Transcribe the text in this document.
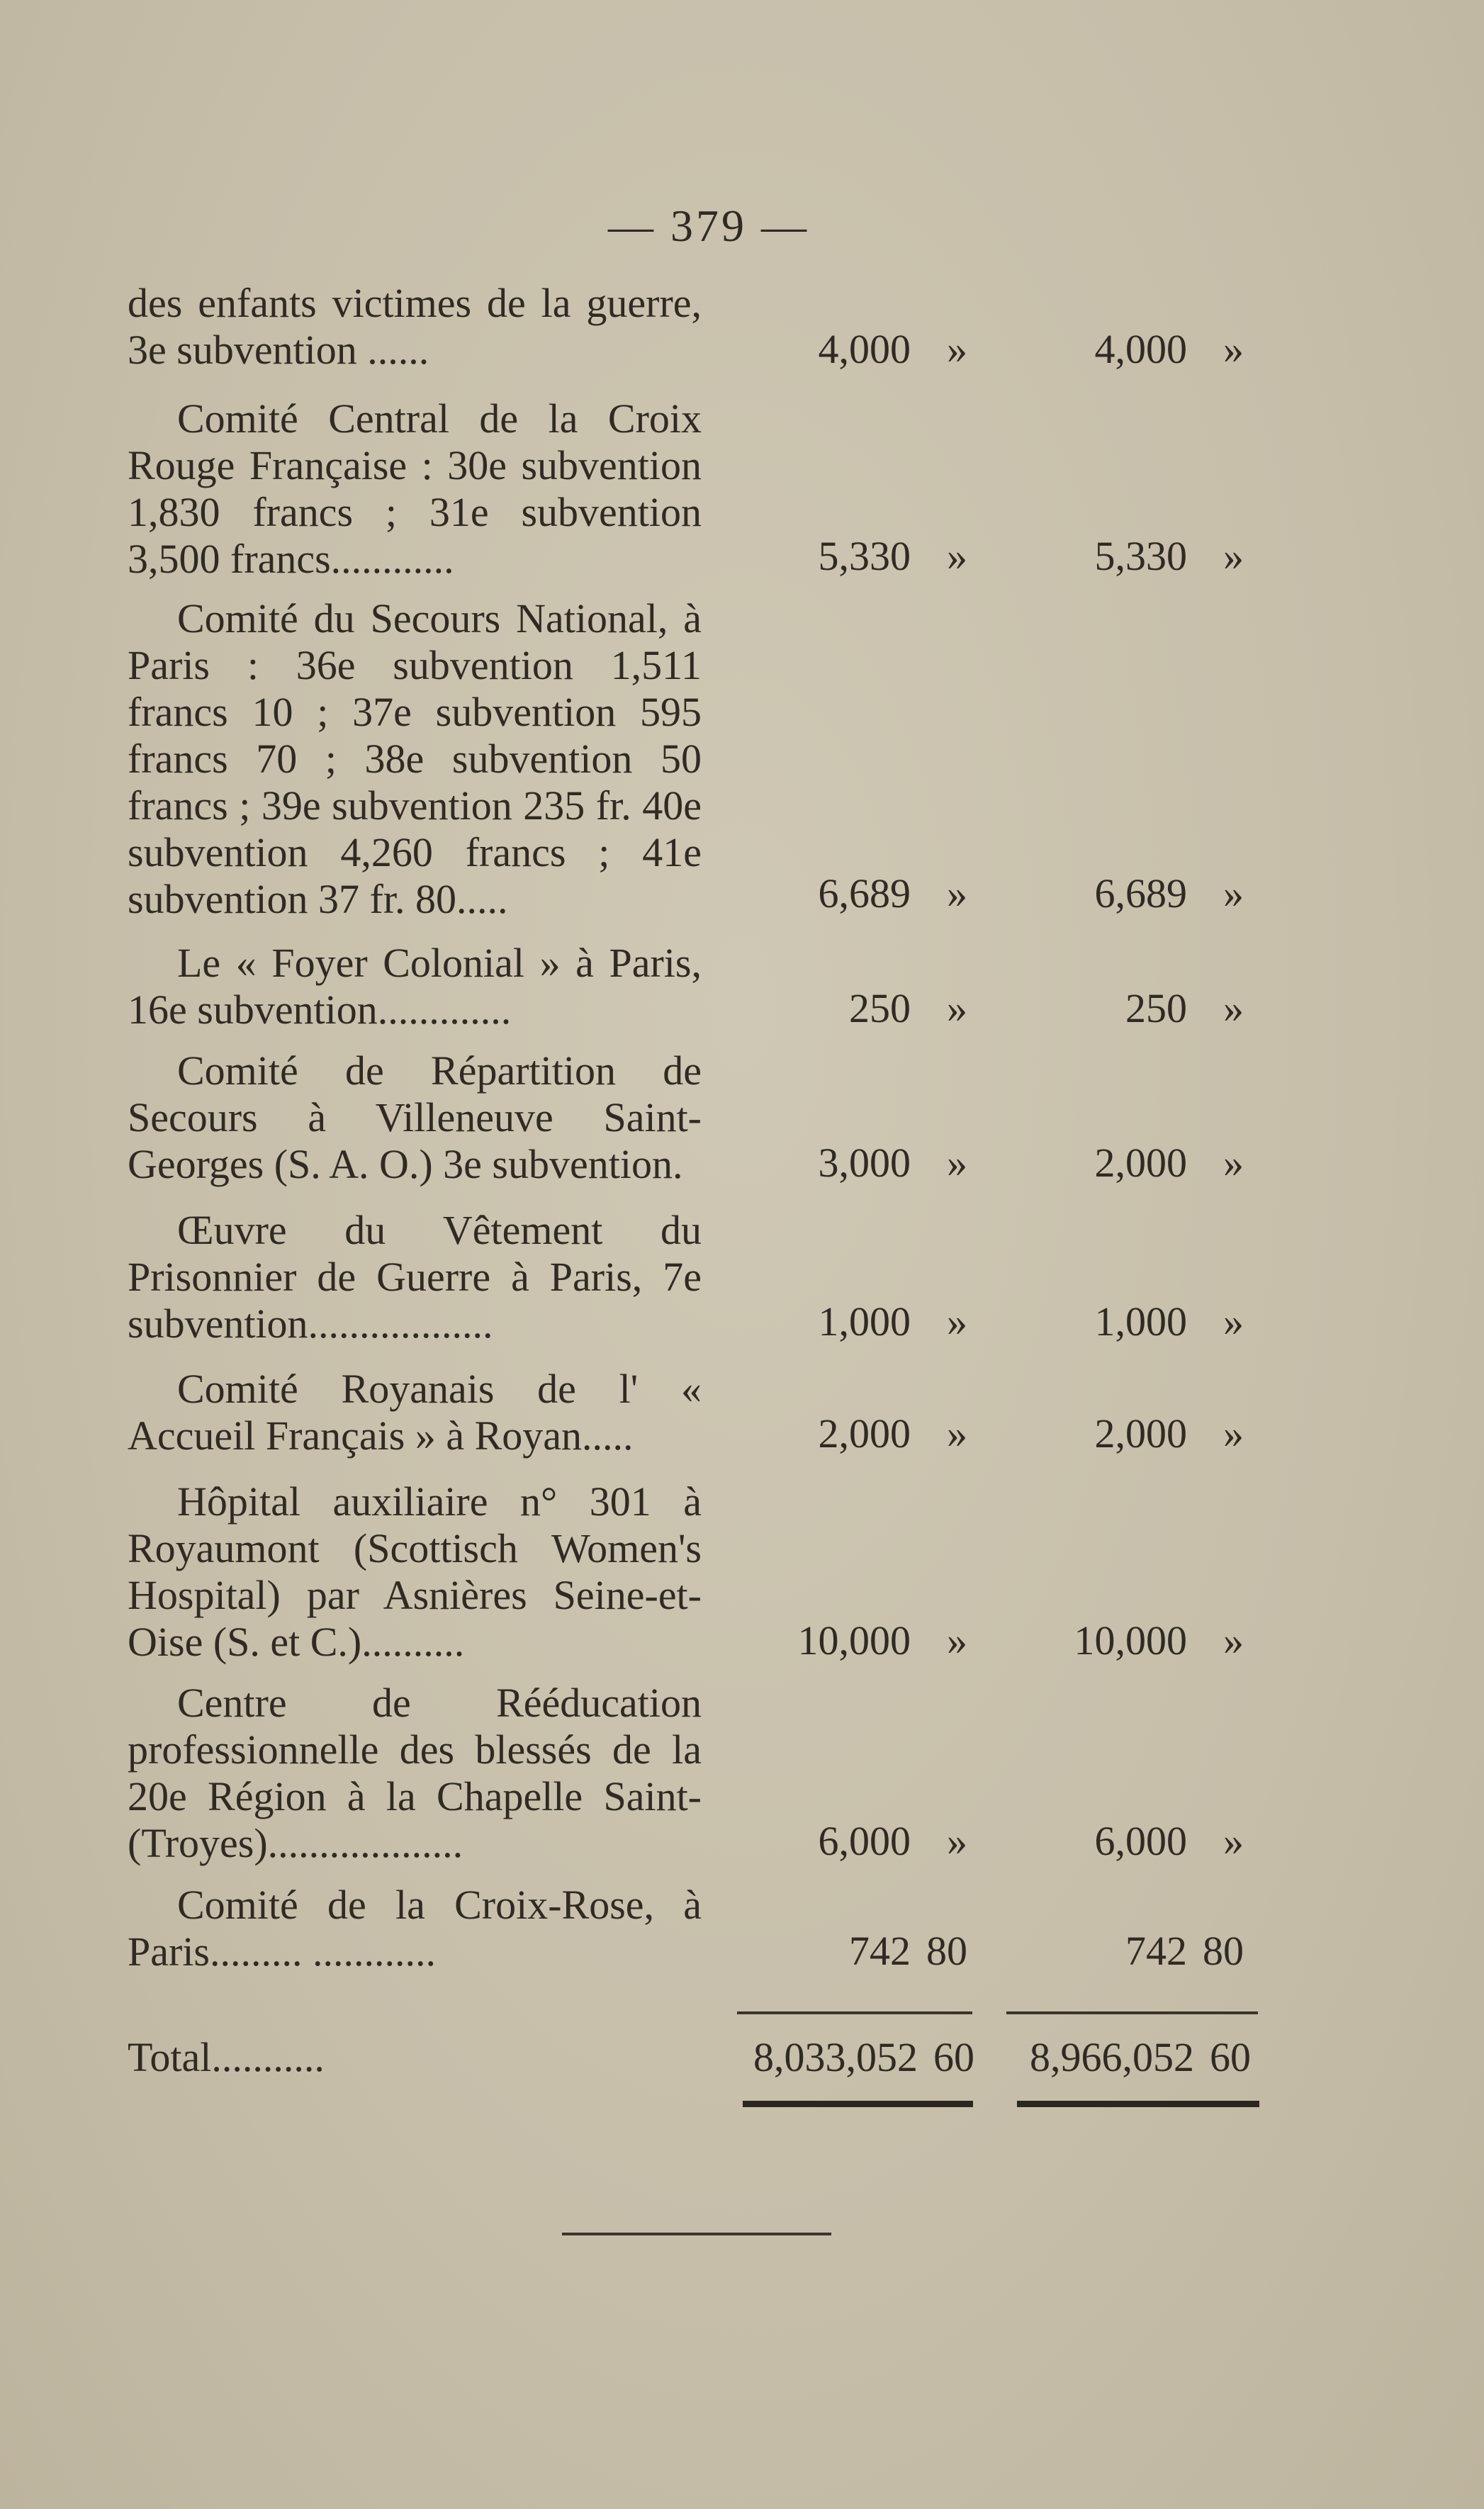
— 379 —
des enfants victimes de la guerre, 3e subvention ......	4,000 »	4,000 »
Comité Central de la Croix Rouge Française : 30e subvention 1,830 francs ; 31e subvention 3,500 francs............	5,330 »	5,330 »
Comité du Secours National, à Paris : 36e subvention 1,511 francs 10 ; 37e subvention 595 francs 70 ; 38e subvention 50 francs ; 39e subvention 235 fr. 40e subvention 4,260 francs ; 41e subvention 37 fr. 80.....	6,689 »	6,689 »
Le « Foyer Colonial » à Paris, 16e subvention.............	250 »	250 »
Comité de Répartition de Secours à Villeneuve Saint-Georges (S. A. O.) 3e subvention.	3,000 »	2,000 »
Œuvre du Vêtement du Prisonnier de Guerre à Paris, 7e subvention..................	1,000 »	1,000 »
Comité Royanais de l' « Accueil Français » à Royan.....	2,000 »	2,000 »
Hôpital auxiliaire n° 301 à Royaumont (Scottisch Women's Hospital) par Asnières Seine-et-Oise (S. et C.)..........	10,000 »	10,000 »
Centre de Rééducation professionnelle des blessés de la 20e Région à la Chapelle Saint-(Troyes)...................	6,000 »	6,000 »
Comité de la Croix-Rose, à Paris......... ............	742 80	742 80
Total...........	8,033,052 60	8,966,052 60
